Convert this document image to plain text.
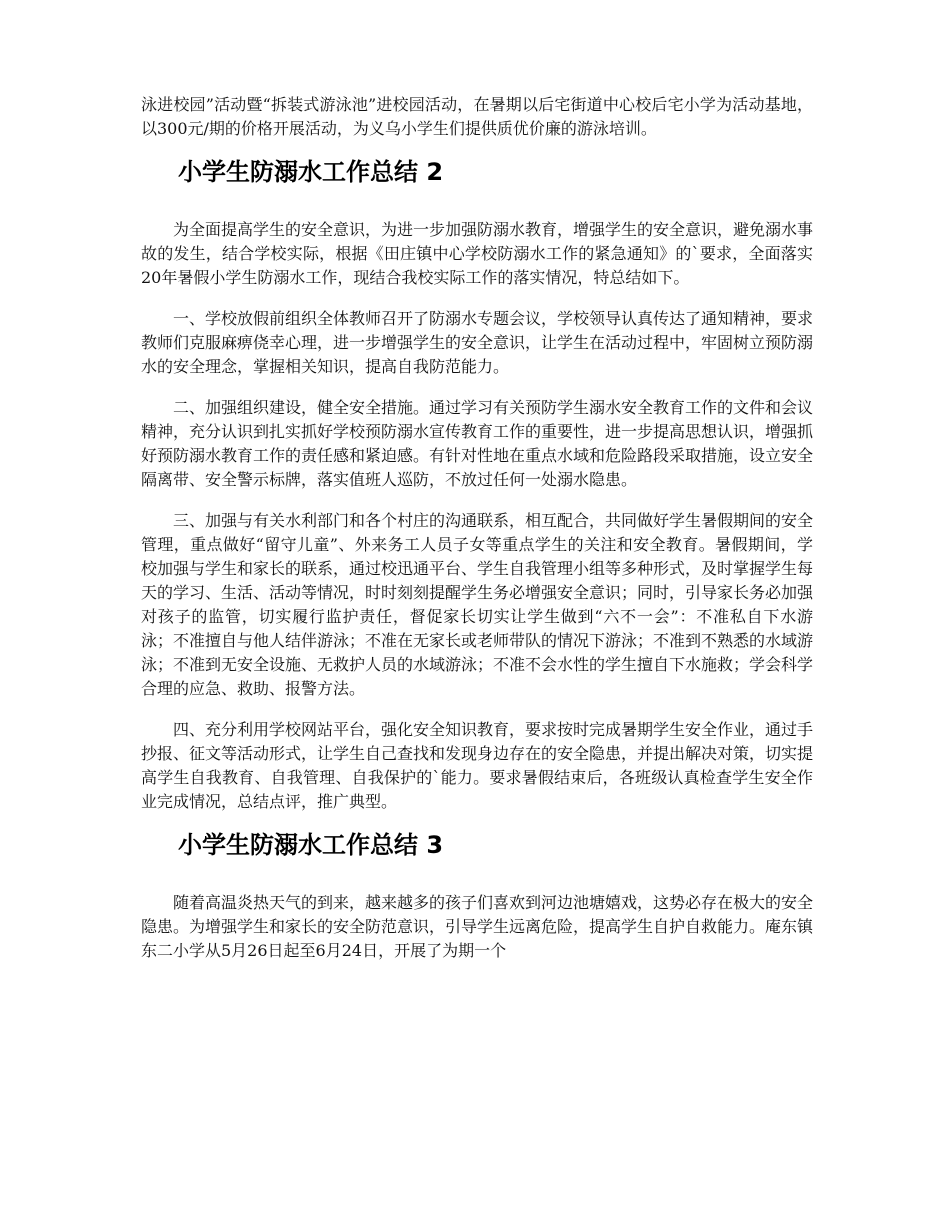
泳进校园”活动暨“拆装式游泳池”进校园活动，在暑期以后宅街道中心校后宅小学为活动基地，以300元/期的价格开展活动，为义乌小学生们提供质优价廉的游泳培训。

小学生防溺水工作总结 2

为全面提高学生的安全意识，为进一步加强防溺水教育，增强学生的安全意识，避免溺水事故的发生，结合学校实际，根据《田庄镇中心学校防溺水工作的紧急通知》的`要求，全面落实20年暑假小学生防溺水工作，现结合我校实际工作的落实情况，特总结如下。

一、学校放假前组织全体教师召开了防溺水专题会议，学校领导认真传达了通知精神，要求教师们克服麻痹侥幸心理，进一步增强学生的安全意识，让学生在活动过程中，牢固树立预防溺水的安全理念，掌握相关知识，提高自我防范能力。

二、加强组织建设，健全安全措施。通过学习有关预防学生溺水安全教育工作的文件和会议精神，充分认识到扎实抓好学校预防溺水宣传教育工作的重要性，进一步提高思想认识，增强抓好预防溺水教育工作的责任感和紧迫感。有针对性地在重点水域和危险路段采取措施，设立安全隔离带、安全警示标牌，落实值班人巡防，不放过任何一处溺水隐患。

三、加强与有关水利部门和各个村庄的沟通联系，相互配合，共同做好学生暑假期间的安全管理，重点做好“留守儿童”、外来务工人员子女等重点学生的关注和安全教育。暑假期间，学校加强与学生和家长的联系，通过校迅通平台、学生自我管理小组等多种形式，及时掌握学生每天的学习、生活、活动等情况，时时刻刻提醒学生务必增强安全意识；同时，引导家长务必加强对孩子的监管，切实履行监护责任，督促家长切实让学生做到“六不一会”：不准私自下水游泳；不准擅自与他人结伴游泳；不准在无家长或老师带队的情况下游泳；不准到不熟悉的水域游泳；不准到无安全设施、无救护人员的水域游泳；不准不会水性的学生擅自下水施救；学会科学合理的应急、救助、报警方法。

四、充分利用学校网站平台，强化安全知识教育，要求按时完成暑期学生安全作业，通过手抄报、征文等活动形式，让学生自己查找和发现身边存在的安全隐患，并提出解决对策，切实提高学生自我教育、自我管理、自我保护的`能力。要求暑假结束后，各班级认真检查学生安全作业完成情况，总结点评，推广典型。

小学生防溺水工作总结 3

随着高温炎热天气的到来，越来越多的孩子们喜欢到河边池塘嬉戏，这势必存在极大的安全隐患。为增强学生和家长的安全防范意识，引导学生远离危险，提高学生自护自救能力。庵东镇东二小学从5月26日起至6月24日，开展了为期一个
